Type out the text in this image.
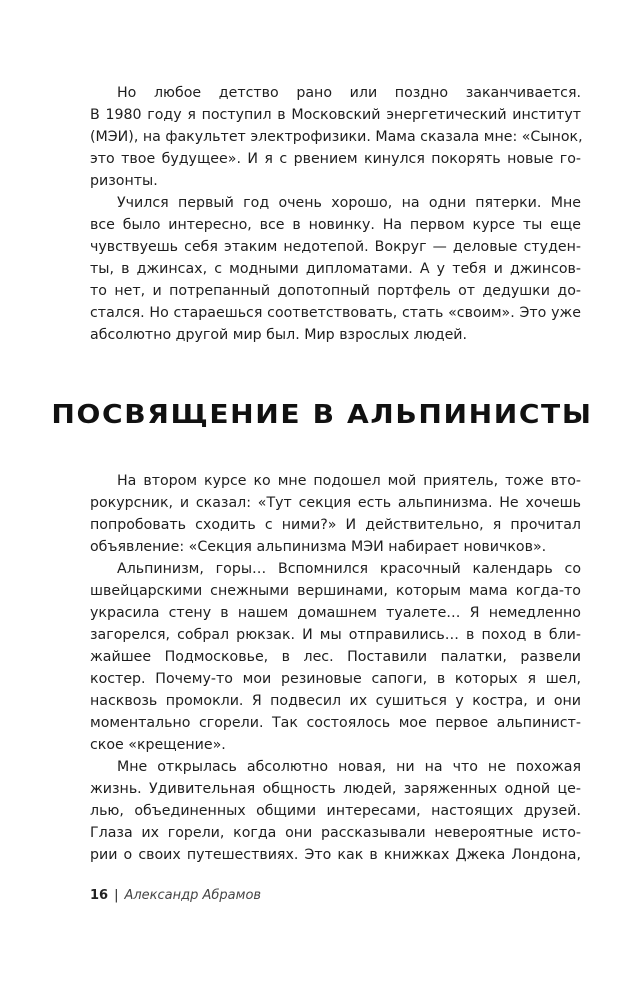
Но любое детство рано или поздно заканчивается.
В 1980 году я поступил в Московский энергетический институт
(МЭИ), на факультет электрофизики. Мама сказала мне: «Сынок,
это твое будущее». И я с рвением кинулся покорять новые го-
ризонты.
Учился первый год очень хорошо, на одни пятерки. Мне
все было интересно, все в новинку. На первом курсе ты еще
чувствуешь себя этаким недотепой. Вокруг — деловые студен-
ты, в джинсах, с модными дипломатами. А у тебя и джинсов-
то нет, и потрепанный допотопный портфель от дедушки до-
стался. Но стараешься соответствовать, стать «своим». Это уже
абсолютно другой мир был. Мир взрослых людей.
ПОСВЯЩЕНИЕ В АЛЬПИНИСТЫ
На втором курсе ко мне подошел мой приятель, тоже вто-
рокурсник, и сказал: «Тут секция есть альпинизма. Не хочешь
попробовать сходить с ними?» И действительно, я прочитал
объявление: «Секция альпинизма МЭИ набирает новичков».
Альпинизм, горы… Вспомнился красочный календарь со
швейцарскими снежными вершинами, которым мама когда-то
украсила стену в нашем домашнем туалете… Я немедленно
загорелся, собрал рюкзак. И мы отправились… в поход в бли-
жайшее Подмосковье, в лес. Поставили палатки, развели
костер. Почему-то мои резиновые сапоги, в которых я шел,
насквозь промокли. Я подвесил их сушиться у костра, и они
моментально сгорели. Так состоялось мое первое альпинист-
ское «крещение».
Мне открылась абсолютно новая, ни на что не похожая
жизнь. Удивительная общность людей, заряженных одной це-
лью, объединенных общими интересами, настоящих друзей.
Глаза их горели, когда они рассказывали невероятные исто-
рии о своих путешествиях. Это как в книжках Джека Лондона,
16 | Александр Абрамов
